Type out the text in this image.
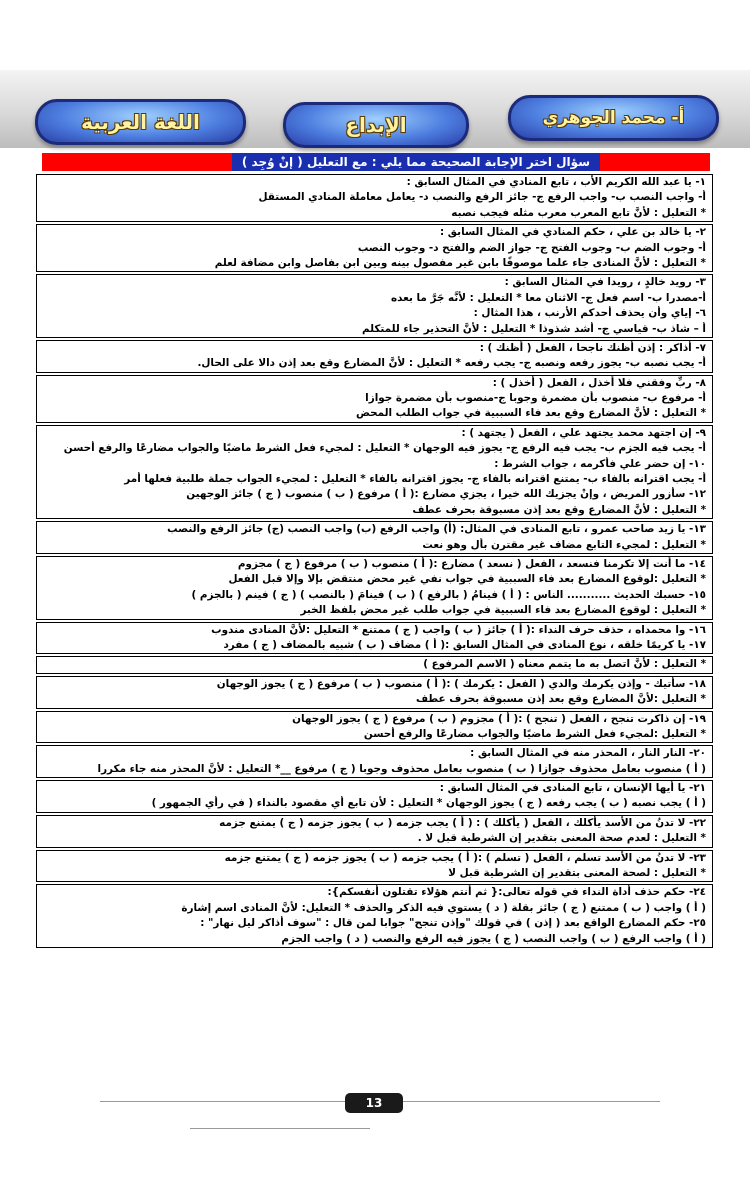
اللغة العربية	الإبداع	أ- محمد الجوهري
سؤال اختر الإجابة الصحيحة مما يلي : مع التعليل ( إنْ وُجِد )
١- يا عبد الله الكريم الأب ، تابع المنادي في المثال السابق :
أ- واجب النصب ب- واجب الرفع ج- جائز الرفع والنصب د- يعامل معاملة المنادي المستقل
* التعليل : لأنَّ تابع المعرب معرب مثله فيجب نصبه
٢- يا خالد بن علي ، حكم المنادي في المثال السابق :
أ- وجوب الضم ب- وجوب الفتح ج- جواز الضم والفتح د- وجوب النصب
* التعليل : لأنَّ المنادى جاء علما موصوفًا بابن غير مفصول بينه وبين ابن بفاصل وابن مضافة لعلم
٣- رويد خالدٍ ، رويدا في المثال السابق :
أ-مصدرا ب- اسم فعل ج- الاثنان معا * التعليل : لأنَّه جَرَّ ما بعده
٦- إياي وأن يحذف أحدكم الأرنب ، هذا المثال :
أ – شاذ ب- قياسي ج- أشد شذوذا * التعليل : لأنَّ التحذير جاء للمتكلم
٧- أذاكر : إذن أظنك ناجحا ، الفعل ( أظنك ) :
أ- يجب نصبه ب- يجوز رفعه ونصبه ج- يجب رفعه * التعليل : لأنَّ المضارع وقع بعد إذن دالا على الحال.
٨- ربِّ وفقني فلا أخذل ، الفعل ( أخذل ) :
أ- مرفوع ب- منصوب بأن مضمرة وجوبا ج-منصوب بأن مضمرة جوازا
* التعليل : لأنَّ المضارع وقع بعد فاء السببية في جواب الطلب المحض
٩- إن اجتهد محمد يجتهد علي ، الفعل ( يجتهد ) :
أ- يجب فيه الجزم ب- يجب فيه الرفع ج- يجوز فيه الوجهان * التعليل : لمجيء فعل الشرط ماضيًا والجواب مضارعًا والرفع أحسن
١٠- إن حضر علي فأكرمه ، جواب الشرط :
أ- يجب اقترانه بالفاء ب- يمتنع اقترانه بالفاء ج- يجوز اقترانه بالفاء * التعليل : لمجيء الجواب جملة طلبية فعلها أمر
١٢- سأزور المريض ، وإنْ يجزيك الله خيرا ، يجزي مضارع :( أ ) مرفوع ( ب ) منصوب ( ج ) جائز الوجهين
* التعليل : لأنَّ المضارع وقع بعد إذن مسبوقة بحرف عطف
١٣- يا زيد صاحب عمرو ، تابع المنادى في المثال: (أ) واجب الرفع (ب) واجب النصب (ج) جائز الرفع والنصب
* التعليل : لمجيء التابع مضاف غير مقترن بأل وهو نعت
١٤- ما أنت إلا تكرمنا فنسعد ، الفعل ( نسعد ) مضارع :( أ ) منصوب ( ب ) مرفوع ( ج ) مجزوم
* التعليل :لوقوع المضارع بعد فاء السببية في جواب نفي غير محض منتقض بإلا وإلا قبل الفعل
١٥- حسبك الحديث ........... الناس : ( أ ) فينامُ ( بالرفع ) ( ب ) فينامَ ( بالنصب ) ( ج ) فينم ( بالجزم )
* التعليل : لوقوع المضارع بعد فاء السببية في جواب طلب غير محض بلفظ الخبر
١٦- وا محمداه ، حذف حرف النداء :( أ ) جائز ( ب ) واجب ( ج ) ممتنع * التعليل :لأنَّ المنادى مندوب
١٧- يا كريمًا خلقه ، نوع المنادى في المثال السابق :( أ ) مضاف ( ب ) شبيه بالمضاف ( ج ) مفرد
* التعليل : لأنَّ اتصل به ما يتمم معناه ( الاسم المرفوع )
١٨- سأتيك - وإذن يكرمك والدي ( الفعل : يكرمك ) :( أ ) منصوب ( ب ) مرفوع ( ج ) يجوز الوجهان
* التعليل :لأنَّ المضارع وقع بعد إذن مسبوقة بحرف عطف
١٩- إن ذاكرت تنجح ، الفعل ( تنجح ) :( أ ) مجزوم ( ب ) مرفوع ( ج ) يجوز الوجهان
* التعليل :لمجيء فعل الشرط ماضيًا والجواب مضارعًا والرفع أحسن
٢٠- النار النار ، المحذر منه في المثال السابق :
( أ ) منصوب بعامل محذوف جوازا ( ب ) منصوب بعامل محذوف وجوبا ( ج ) مرفوع __* التعليل : لأنَّ المحذر منه جاء مكررا
٢١- يا أيها الإنسان ، تابع المنادى في المثال السابق :
( أ ) يجب نصبه ( ب ) يجب رفعه ( ج ) يجوز الوجهان * التعليل : لأن تابع أي مقصود بالنداء ( في رأي الجمهور )
٢٢- لا تدنُ من الأسد يأكلك ، الفعل ( يأكلك ) : ( أ ) يجب جزمه ( ب ) يجوز جزمه ( ج ) يمتنع جزمه
* التعليل : لعدم صحة المعنى بتقدير إن الشرطية قبل لا .
٢٣- لا تدنُ من الأسد تسلم ، الفعل ( تسلم ) :( أ ) يجب جزمه ( ب ) يجوز جزمه ( ج ) يمتنع جزمه
* التعليل : لصحة المعنى بتقدير إن الشرطية قبل لا
٢٤- حكم حذف أداة النداء في قوله تعالى:{ ثم أنتم هؤلاء تقتلون أنفسكم}:
( أ ) واجب ( ب ) ممتنع ( ج ) جائز بقلة ( د ) يستوي فيه الذكر والحذف * التعليل: لأنَّ المنادى اسم إشارة
٢٥- حكم المضارع الواقع بعد ( إذن ) في قولك "وإذن تنجح" جوابا لمن قال : "سوف أذاكر ليل نهار" :
( أ ) واجب الرفع ( ب ) واجب النصب ( ج ) يجوز فيه الرفع والنصب ( د ) واجب الجزم
13
